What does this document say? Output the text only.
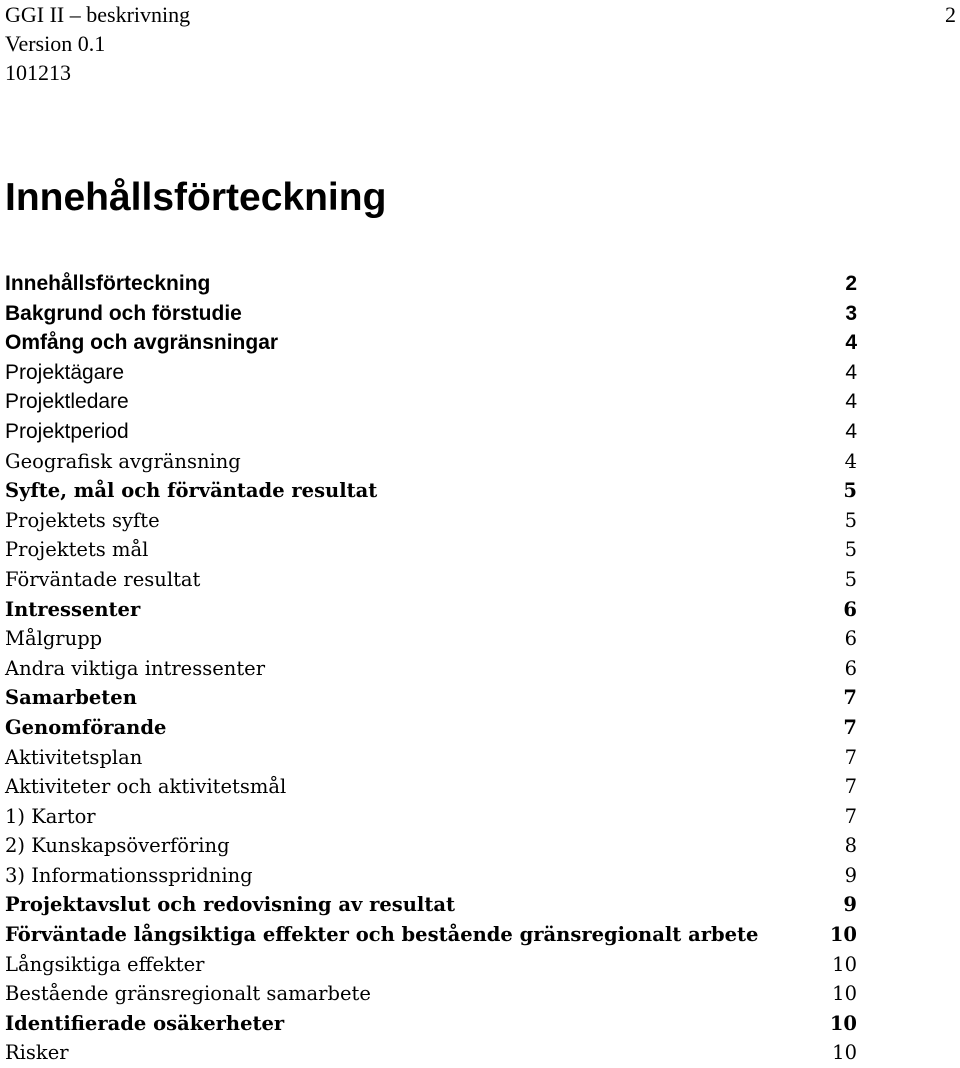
GGI II – beskrivning
Version 0.1
101213
2
Innehållsförteckning
Innehållsförteckning	2
Bakgrund och förstudie	3
Omfång och avgränsningar	4
Projektägare	4
Projektledare	4
Projektperiod	4
Geografisk avgränsning	4
Syfte, mål och förväntade resultat	5
Projektets syfte	5
Projektets mål	5
Förväntade resultat	5
Intressenter	6
Målgrupp	6
Andra viktiga intressenter	6
Samarbeten	7
Genomförande	7
Aktivitetsplan	7
Aktiviteter och aktivitetsmål	7
1) Kartor	7
2) Kunskapsöverföring	8
3) Informationsspridning	9
Projektavslut och redovisning av resultat	9
Förväntade långsiktiga effekter och bestående gränsregionalt arbete	10
Långsiktiga effekter	10
Bestående gränsregionalt samarbete	10
Identifierade osäkerheter	10
Risker	10
